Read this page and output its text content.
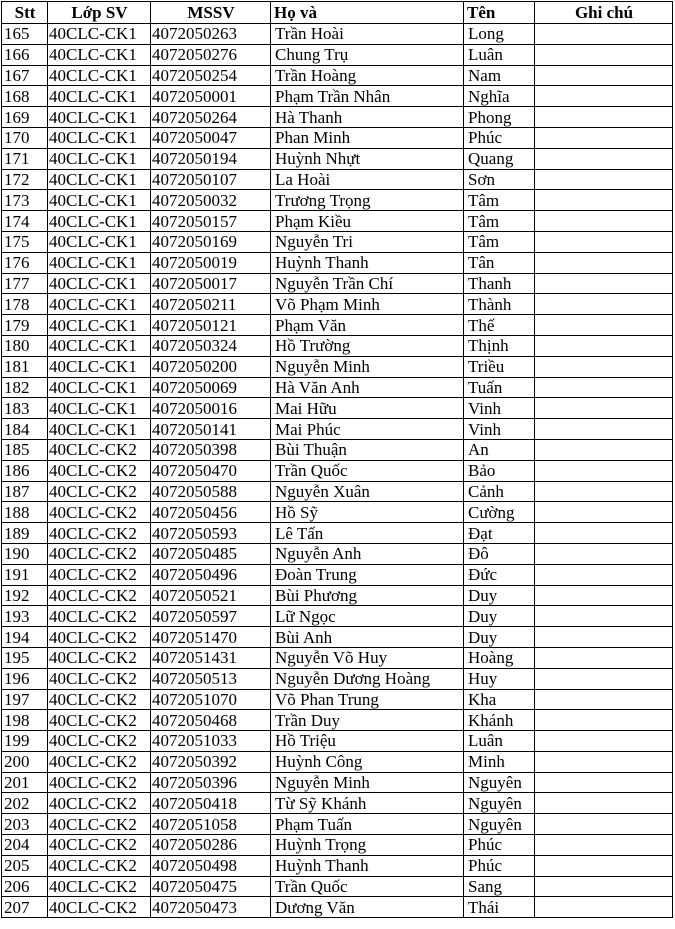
Stt	Lớp SV	MSSV	Họ và	Tên	Ghi chú
165	40CLC-CK1	4072050263	Trần Hoài	Long	
166	40CLC-CK1	4072050276	Chung Trụ	Luân	
167	40CLC-CK1	4072050254	Trần Hoàng	Nam	
168	40CLC-CK1	4072050001	Phạm Trần Nhân	Nghĩa	
169	40CLC-CK1	4072050264	Hà Thanh	Phong	
170	40CLC-CK1	4072050047	Phan Minh	Phúc	
171	40CLC-CK1	4072050194	Huỳnh Nhựt	Quang	
172	40CLC-CK1	4072050107	La Hoài	Sơn	
173	40CLC-CK1	4072050032	Trương Trọng	Tâm	
174	40CLC-CK1	4072050157	Phạm Kiều	Tâm	
175	40CLC-CK1	4072050169	Nguyễn Tri	Tâm	
176	40CLC-CK1	4072050019	Huỳnh Thanh	Tân	
177	40CLC-CK1	4072050017	Nguyễn Trần Chí	Thanh	
178	40CLC-CK1	4072050211	Võ Phạm Minh	Thành	
179	40CLC-CK1	4072050121	Phạm Văn	Thế	
180	40CLC-CK1	4072050324	Hồ Trường	Thịnh	
181	40CLC-CK1	4072050200	Nguyễn Minh	Triều	
182	40CLC-CK1	4072050069	Hà Văn Anh	Tuấn	
183	40CLC-CK1	4072050016	Mai Hữu	Vinh	
184	40CLC-CK1	4072050141	Mai Phúc	Vinh	
185	40CLC-CK2	4072050398	Bùi Thuận	An	
186	40CLC-CK2	4072050470	Trần Quốc	Bảo	
187	40CLC-CK2	4072050588	Nguyễn Xuân	Cảnh	
188	40CLC-CK2	4072050456	Hồ Sỹ	Cường	
189	40CLC-CK2	4072050593	Lê Tấn	Đạt	
190	40CLC-CK2	4072050485	Nguyễn Anh	Đô	
191	40CLC-CK2	4072050496	Đoàn Trung	Đức	
192	40CLC-CK2	4072050521	Bùi Phương	Duy	
193	40CLC-CK2	4072050597	Lữ Ngọc	Duy	
194	40CLC-CK2	4072051470	Bùi Anh	Duy	
195	40CLC-CK2	4072051431	Nguyễn Võ Huy	Hoàng	
196	40CLC-CK2	4072050513	Nguyễn Dương Hoàng	Huy	
197	40CLC-CK2	4072051070	Võ Phan Trung	Kha	
198	40CLC-CK2	4072050468	Trần Duy	Khánh	
199	40CLC-CK2	4072051033	Hồ Triệu	Luân	
200	40CLC-CK2	4072050392	Huỳnh Công	Minh	
201	40CLC-CK2	4072050396	Nguyễn Minh	Nguyên	
202	40CLC-CK2	4072050418	Từ Sỹ Khánh	Nguyên	
203	40CLC-CK2	4072051058	Phạm Tuấn	Nguyên	
204	40CLC-CK2	4072050286	Huỳnh Trọng	Phúc	
205	40CLC-CK2	4072050498	Huỳnh Thanh	Phúc	
206	40CLC-CK2	4072050475	Trần Quốc	Sang	
207	40CLC-CK2	4072050473	Dương Văn	Thái	
